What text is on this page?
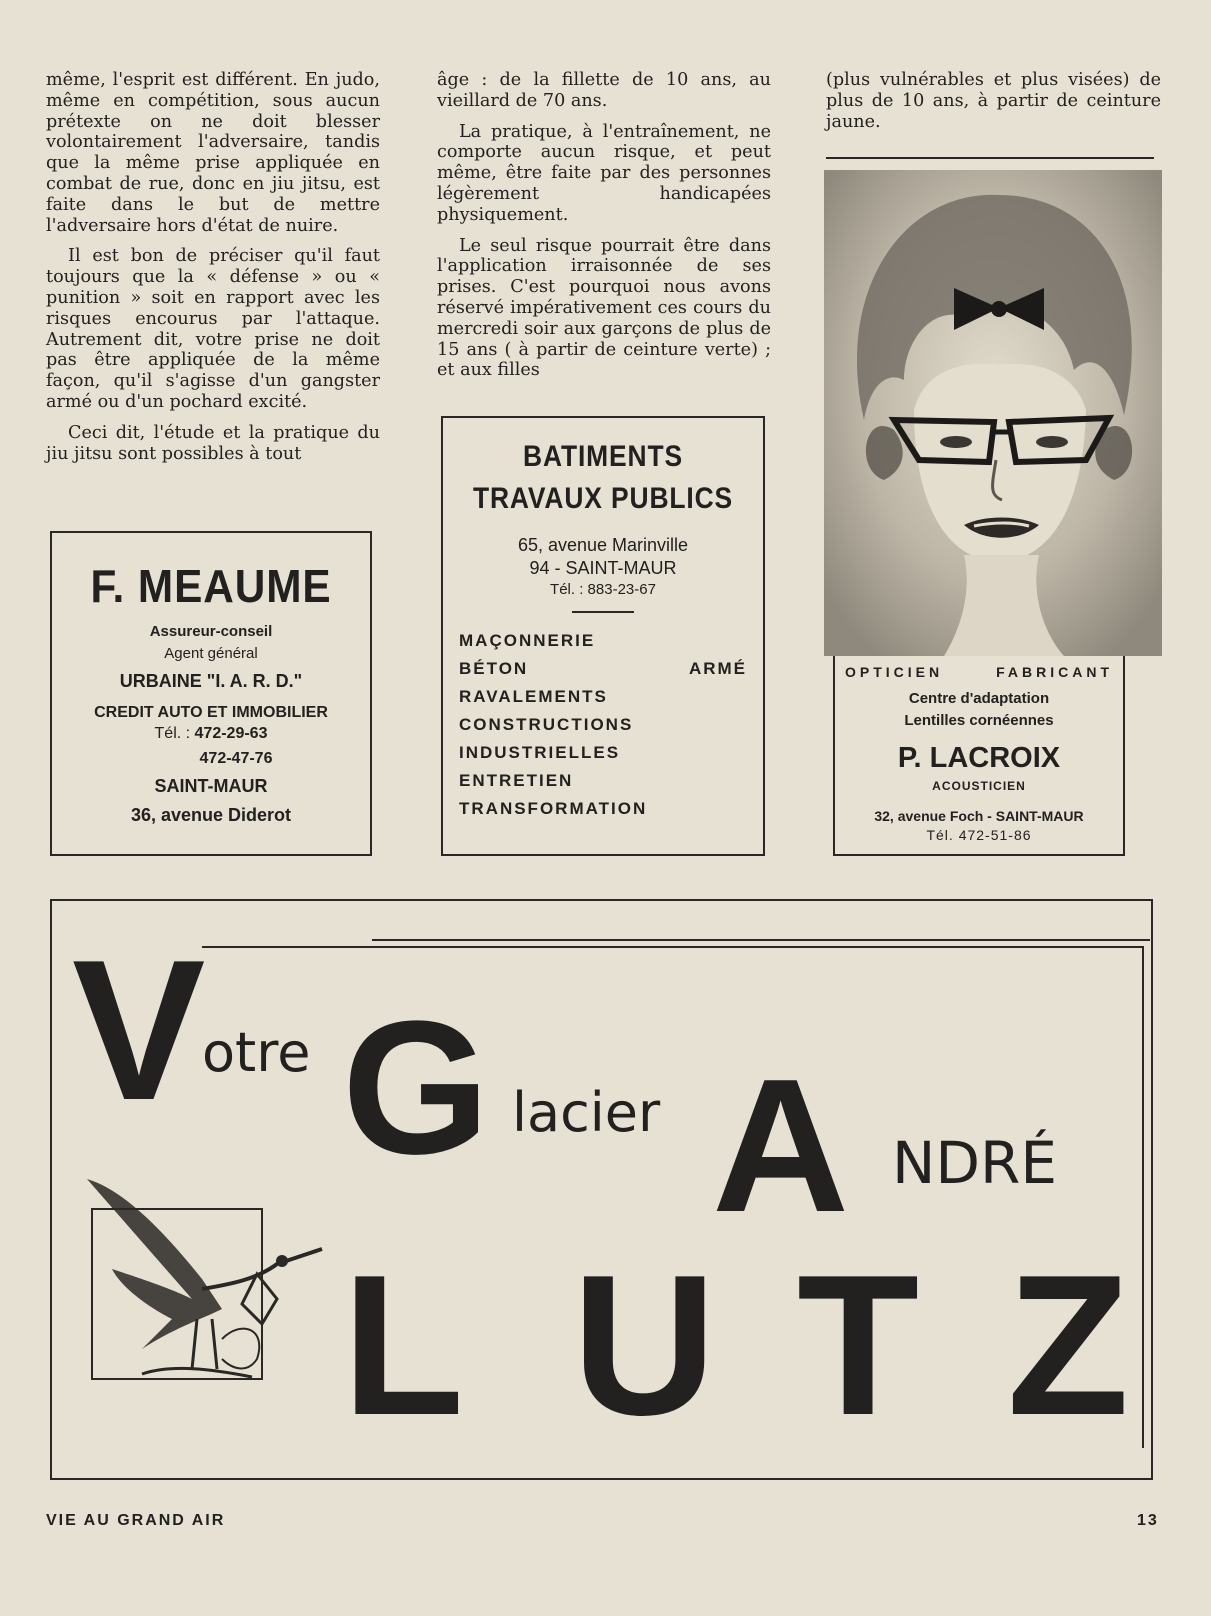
même, l'esprit est différent. En judo, même en compétition, sous aucun prétexte on ne doit blesser volontairement l'adversaire, tandis que la même prise appliquée en combat de rue, donc en jiu jitsu, est faite dans le but de mettre l'adversaire hors d'état de nuire.

Il est bon de préciser qu'il faut toujours que la « défense » ou « punition » soit en rapport avec les risques encourus par l'attaque. Autrement dit, votre prise ne doit pas être appliquée de la même façon, qu'il s'agisse d'un gangster armé ou d'un pochard excité.

Ceci dit, l'étude et la pratique du jiu jitsu sont possibles à tout

âge : de la fillette de 10 ans, au vieillard de 70 ans.

La pratique, à l'entraînement, ne comporte aucun risque, et peut même, être faite par des personnes légèrement handicapées physiquement.

Le seul risque pourrait être dans l'application irraisonnée de ses prises. C'est pourquoi nous avons réservé impérativement ces cours du mercredi soir aux garçons de plus de 15 ans ( à partir de ceinture verte) ; et aux filles

(plus vulnérables et plus visées) de plus de 10 ans, à partir de ceinture jaune.

F. MEAUME
Assureur-conseil
Agent général
URBAINE "I. A. R. D."
CREDIT AUTO ET IMMOBILIER
Tél. : 472-29-63
472-47-76
SAINT-MAUR
36, avenue Diderot
BATIMENTS
TRAVAUX PUBLICS
65, avenue Marinville
94 - SAINT-MAUR
Tél. : 883-23-67
MAÇONNERIE
BÉTON ARMÉ
RAVALEMENTS
CONSTRUCTIONS
INDUSTRIELLES
ENTRETIEN
TRANSFORMATION
OPTICIEN FABRICANT
Centre d'adaptation
Lentilles cornéennes
P. LACROIX
ACOUSTICIEN
32, avenue Foch - SAINT-MAUR
Tél. 472-51-86
V
otre G lacier A NDRÉ
L U T Z
VIE AU GRAND AIR	13
